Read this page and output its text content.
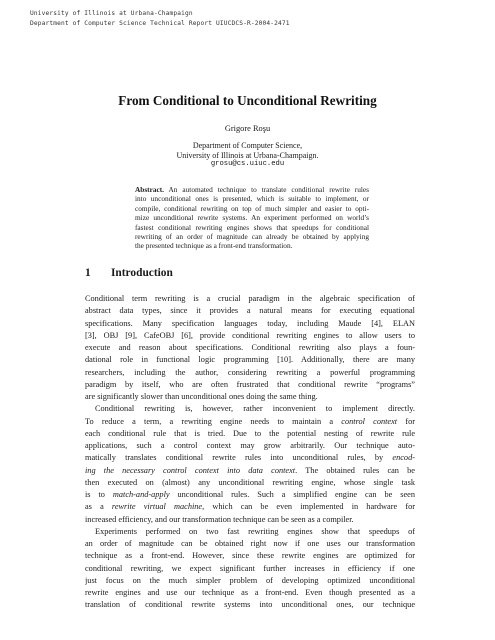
University of Illinois at Urbana-Champaign
Department of Computer Science Technical Report UIUCDCS-R-2004-2471
From Conditional to Unconditional Rewriting
Grigore Roşu
Department of Computer Science,
University of Illinois at Urbana-Champaign.
grosu@cs.uiuc.edu
Abstract. An automated technique to translate conditional rewrite rules
into unconditional ones is presented, which is suitable to implement, or
compile, conditional rewriting on top of much simpler and easier to opti-
mize unconditional rewrite systems. An experiment performed on world’s
fastest conditional rewriting engines shows that speedups for conditional
rewriting of an order of magnitude can already be obtained by applying
the presented technique as a front-end transformation.
1 Introduction
Conditional term rewriting is a crucial paradigm in the algebraic specification of
abstract data types, since it provides a natural means for executing equational
specifications. Many specification languages today, including Maude [4], ELAN
[3], OBJ [9], CafeOBJ [6], provide conditional rewriting engines to allow users to
execute and reason about specifications. Conditional rewriting also plays a foun-
dational role in functional logic programming [10]. Additionally, there are many
researchers, including the author, considering rewriting a powerful programming
paradigm by itself, who are often frustrated that conditional rewrite “programs”
are significantly slower than unconditional ones doing the same thing.
Conditional rewriting is, however, rather inconvenient to implement directly.
To reduce a term, a rewriting engine needs to maintain a control context for
each conditional rule that is tried. Due to the potential nesting of rewrite rule
applications, such a control context may grow arbitrarily. Our technique auto-
matically translates conditional rewrite rules into unconditional rules, by encod-
ing the necessary control context into data context. The obtained rules can be
then executed on (almost) any unconditional rewriting engine, whose single task
is to match-and-apply unconditional rules. Such a simplified engine can be seen
as a rewrite virtual machine, which can be even implemented in hardware for
increased efficiency, and our transformation technique can be seen as a compiler.
Experiments performed on two fast rewriting engines show that speedups of
an order of magnitude can be obtained right now if one uses our transformation
technique as a front-end. However, since these rewrite engines are optimized for
conditional rewriting, we expect significant further increases in efficiency if one
just focus on the much simpler problem of developing optimized unconditional
rewrite engines and use our technique as a front-end. Even though presented as a
translation of conditional rewrite systems into unconditional ones, our technique
